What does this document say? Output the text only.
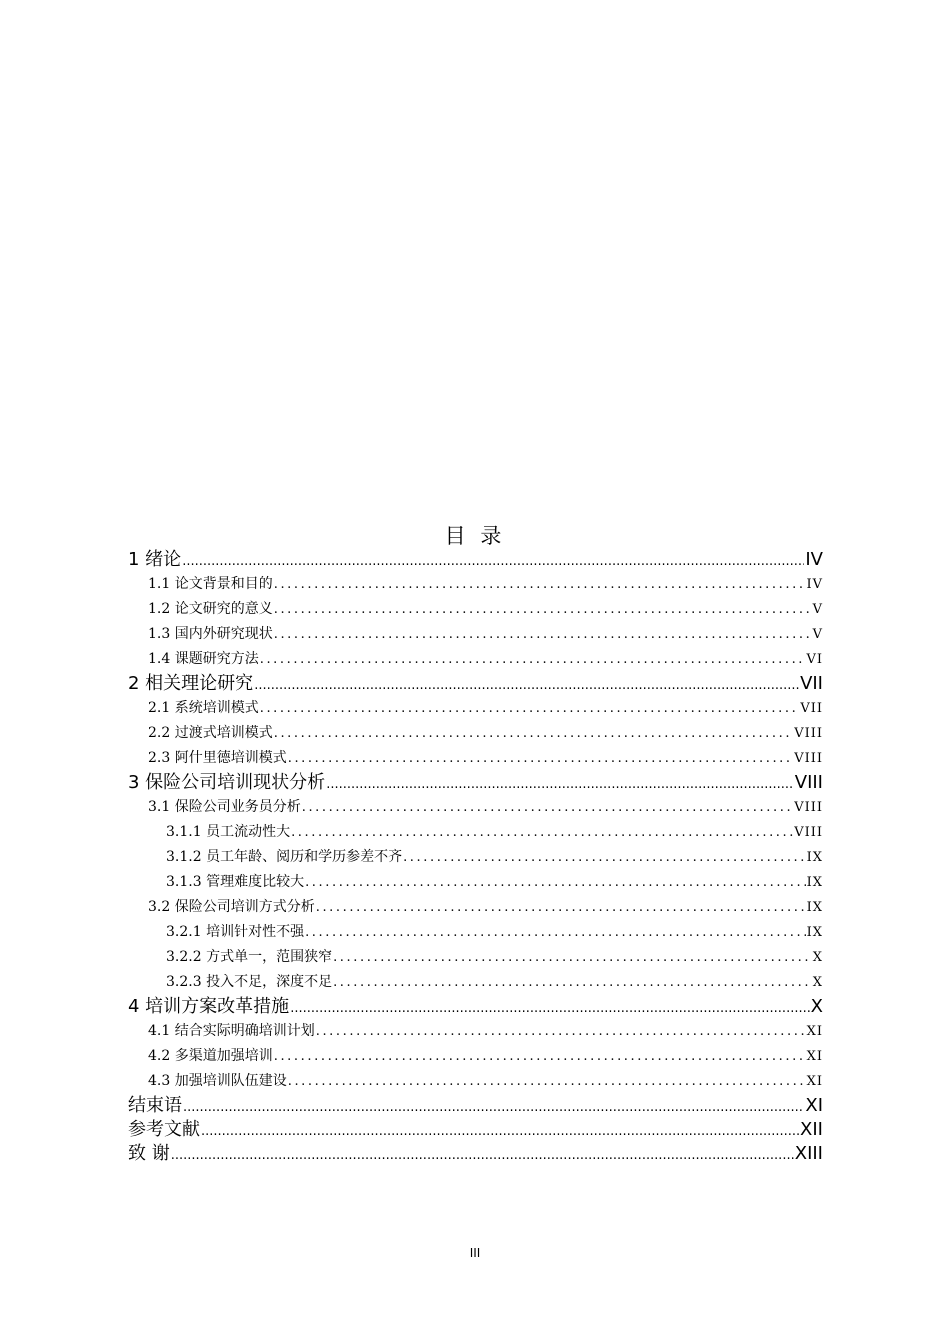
目 录
1 绪论 .....	IV
1.1 论文背景和目的 .....	IV
1.2 论文研究的意义 .....	V
1.3 国内外研究现状 .....	V
1.4 课题研究方法 .....	VI
2 相关理论研究 .....	VII
2.1 系统培训模式 .....	VII
2.2 过渡式培训模式 .....	VIII
2.3 阿什里德培训模式 .....	VIII
3 保险公司培训现状分析 .....	VIII
3.1 保险公司业务员分析 .....	VIII
3.1.1 员工流动性大 .....	VIII
3.1.2 员工年龄、阅历和学历参差不齐 .....	IX
3.1.3 管理难度比较大 .....	IX
3.2 保险公司培训方式分析 .....	IX
3.2.1 培训针对性不强 .....	IX
3.2.2 方式单一，范围狭窄 .....	X
3.2.3 投入不足，深度不足 .....	X
4 培训方案改革措施 .....	X
4.1 结合实际明确培训计划 .....	XI
4.2 多渠道加强培训 .....	XI
4.3 加强培训队伍建设 .....	XI
结束语 .....	XI
参考文献 .....	XII
致 谢 .....	XIII
III
